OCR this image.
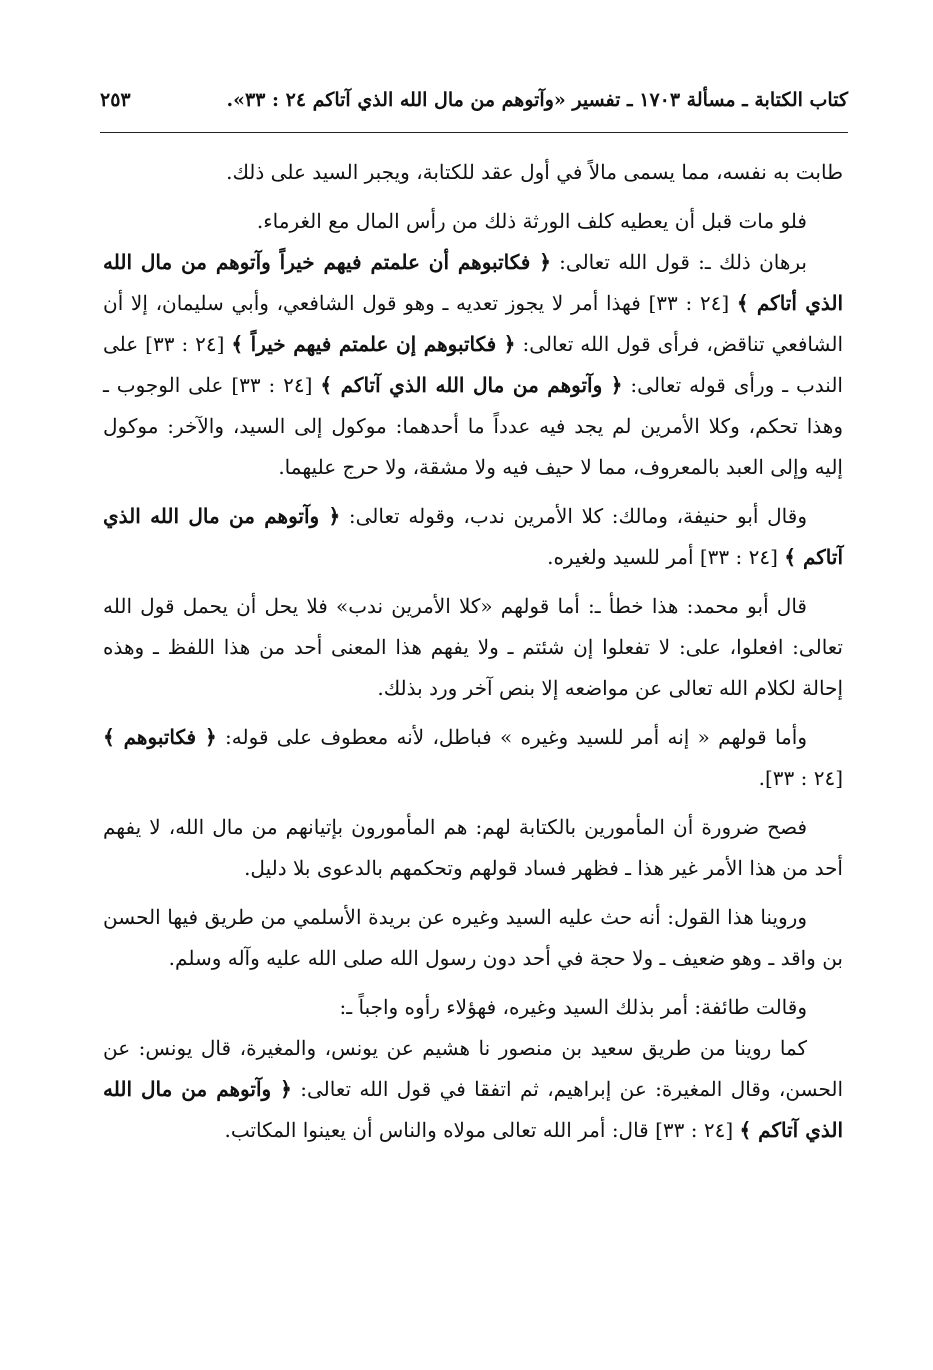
كتاب الكتابة ـ مسألة ١٧٠٣ ـ تفسير «وآتوهم من مال الله الذي آتاكم ٢٤ : ٣٣».
٢٥٣

طابت به نفسه، مما يسمى مالاً في أول عقد للكتابة، ويجبر السيد على ذلك.

فلو مات قبل أن يعطيه كلف الورثة ذلك من رأس المال مع الغرماء.

برهان ذلك ـ: قول الله تعالى: ﴿ فكاتبوهم أن علمتم فيهم خيراً وآتوهم من مال الله الذي أتاكم ﴾ [٢٤ : ٣٣] فهذا أمر لا يجوز تعديه ـ وهو قول الشافعي، وأبي سليمان، إلا أن الشافعي تناقض، فرأى قول الله تعالى: ﴿ فكاتبوهم إن علمتم فيهم خيراً ﴾ [٢٤ : ٣٣] على الندب ـ ورأى قوله تعالى: ﴿ وآتوهم من مال الله الذي آتاكم ﴾ [٢٤ : ٣٣] على الوجوب ـ وهذا تحكم، وكلا الأمرين لم يجد فيه عدداً ما أحدهما: موكول إلى السيد، والآخر: موكول إليه وإلى العبد بالمعروف، مما لا حيف فيه ولا مشقة، ولا حرج عليهما.

وقال أبو حنيفة، ومالك: كلا الأمرين ندب، وقوله تعالى: ﴿ وآتوهم من مال الله الذي آتاكم ﴾ [٢٤ : ٣٣] أمر للسيد ولغيره.

قال أبو محمد: هذا خطأ ـ: أما قولهم «كلا الأمرين ندب» فلا يحل أن يحمل قول الله تعالى: افعلوا، على: لا تفعلوا إن شئتم ـ ولا يفهم هذا المعنى أحد من هذا اللفظ ـ وهذه إحالة لكلام الله تعالى عن مواضعه إلا بنص آخر ورد بذلك.

وأما قولهم « إنه أمر للسيد وغيره » فباطل، لأنه معطوف على قوله: ﴿ فكاتبوهم ﴾ [٢٤ : ٣٣].

فصح ضرورة أن المأمورين بالكتابة لهم: هم المأمورون بإتيانهم من مال الله، لا يفهم أحد من هذا الأمر غير هذا ـ فظهر فساد قولهم وتحكمهم بالدعوى بلا دليل.

وروينا هذا القول: أنه حث عليه السيد وغيره عن بريدة الأسلمي من طريق فيها الحسن بن واقد ـ وهو ضعيف ـ ولا حجة في أحد دون رسول الله صلى الله عليه وآله وسلم.

وقالت طائفة: أمر بذلك السيد وغيره، فهؤلاء رأوه واجباً ـ:

كما روينا من طريق سعيد بن منصور نا هشيم عن يونس، والمغيرة، قال يونس: عن الحسن، وقال المغيرة: عن إبراهيم، ثم اتفقا في قول الله تعالى: ﴿ وآتوهم من مال الله الذي آتاكم ﴾ [٢٤ : ٣٣] قال: أمر الله تعالى مولاه والناس أن يعينوا المكاتب.
